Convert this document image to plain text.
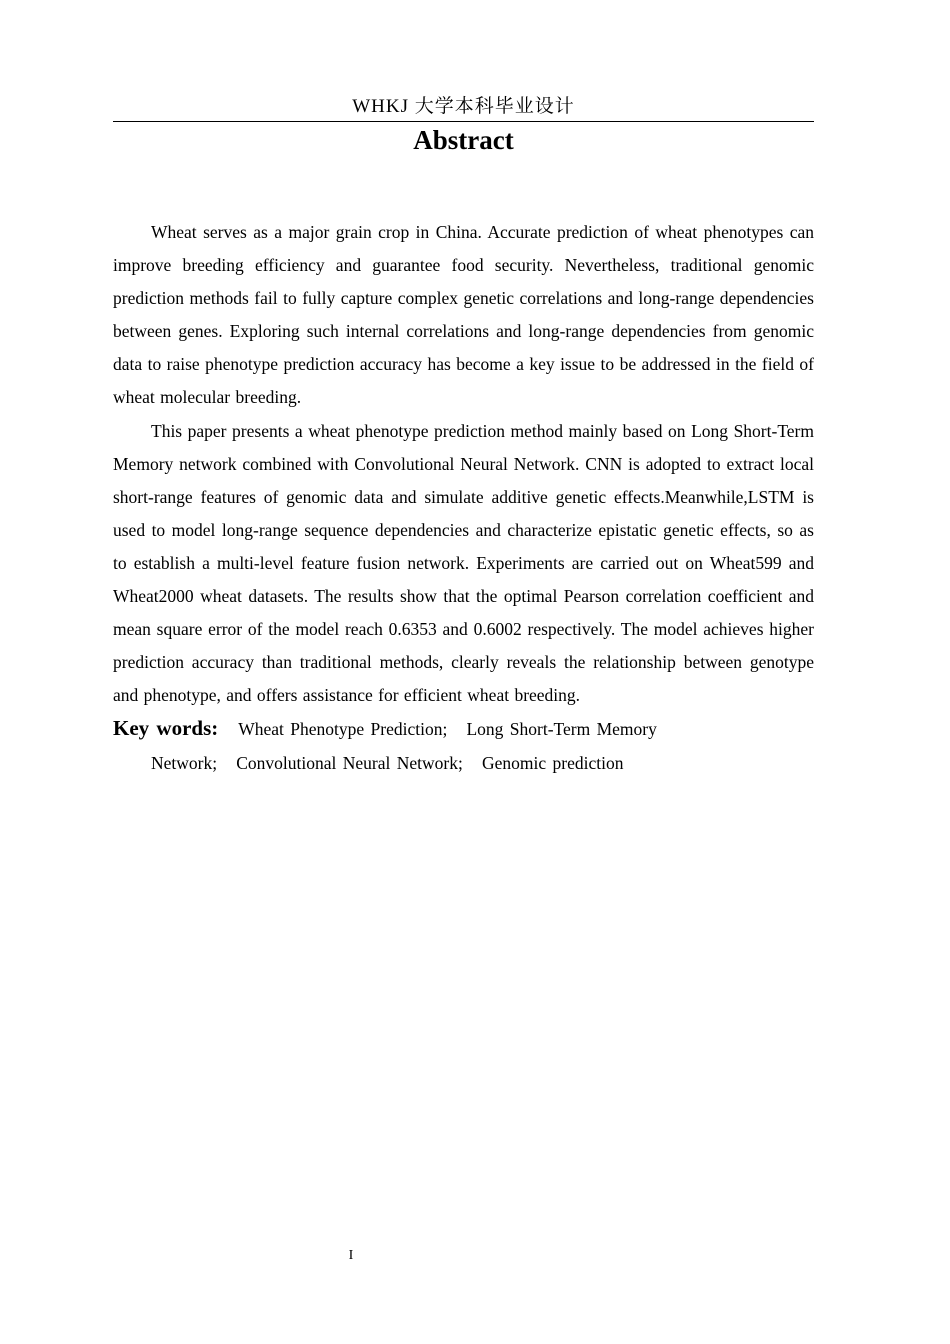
WHKJ 大学本科毕业设计
Abstract

Wheat serves as a major grain crop in China. Accurate prediction of wheat phenotypes can improve breeding efficiency and guarantee food security. Nevertheless, traditional genomic prediction methods fail to fully capture complex genetic correlations and long-range dependencies between genes. Exploring such internal correlations and long-range dependencies from genomic data to raise phenotype prediction accuracy has become a key issue to be addressed in the field of wheat molecular breeding.

This paper presents a wheat phenotype prediction method mainly based on Long Short-Term Memory network combined with Convolutional Neural Network. CNN is adopted to extract local short-range features of genomic data and simulate additive genetic effects.Meanwhile,LSTM is used to model long-range sequence dependencies and characterize epistatic genetic effects, so as to establish a multi-level feature fusion network. Experiments are carried out on Wheat599 and Wheat2000 wheat datasets. The results show that the optimal Pearson correlation coefficient and mean square error of the model reach 0.6353 and 0.6002 respectively. The model achieves higher prediction accuracy than traditional methods, clearly reveals the relationship between genotype and phenotype, and offers assistance for efficient wheat breeding.

Key words: Wheat Phenotype Prediction; Long Short-Term Memory Network; Convolutional Neural Network; Genomic prediction

I
